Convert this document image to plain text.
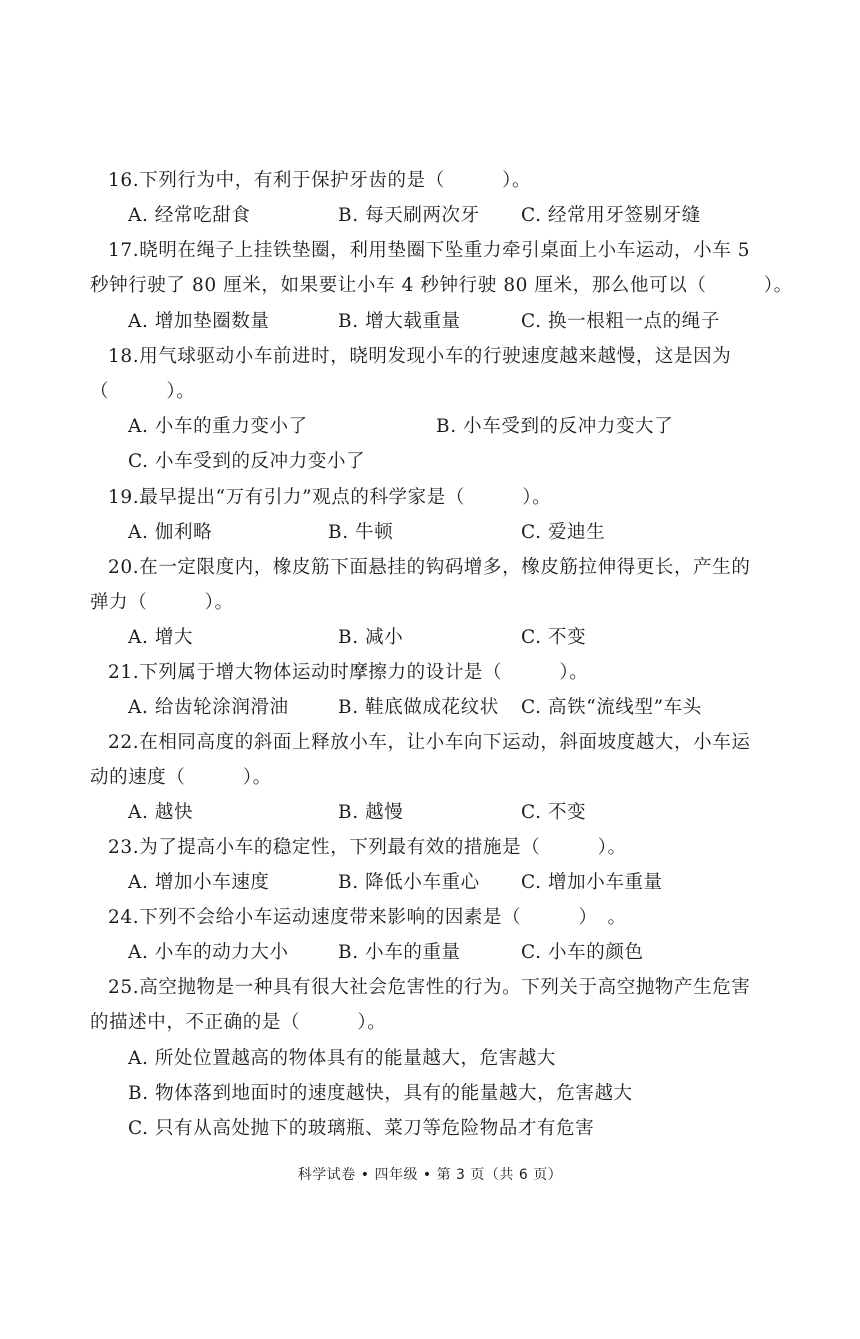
16.下列行为中，有利于保护牙齿的是（　　　）。

A. 经常吃甜食	B. 每天刷两次牙 C. 经常用牙签剔牙缝

17.晓明在绳子上挂铁垫圈，利用垫圈下坠重力牵引桌面上小车运动，小车 5

秒钟行驶了 80 厘米，如果要让小车 4 秒钟行驶 80 厘米，那么他可以（　　　）。

A. 增加垫圈数量	B. 增大载重量	C. 换一根粗一点的绳子

18.用气球驱动小车前进时，晓明发现小车的行驶速度越来越慢，这是因为

（　　　）。

A. 小车的重力变小了	B. 小车受到的反冲力变大了
C. 小车受到的反冲力变小了

19.最早提出“万有引力”观点的科学家是（　　　）。

A. 伽利略	B. 牛顿	C. 爱迪生

20.在一定限度内，橡皮筋下面悬挂的钩码增多，橡皮筋拉伸得更长，产生的

弹力（　　　）。

A. 增大	B. 减小	C. 不变

21.下列属于增大物体运动时摩擦力的设计是（　　　）。

A. 给齿轮涂润滑油	B. 鞋底做成花纹状 C. 高铁“流线型”车头

22.在相同高度的斜面上释放小车，让小车向下运动，斜面坡度越大，小车运

动的速度（　　　）。

A. 越快	B. 越慢	C. 不变

23.为了提高小车的稳定性，下列最有效的措施是（　　　）。

A. 增加小车速度	B. 降低小车重心 C. 增加小车重量

24.下列不会给小车运动速度带来影响的因素是（　　　）　。

A. 小车的动力大小	B. 小车的重量	C. 小车的颜色

25.高空抛物是一种具有很大社会危害性的行为。下列关于高空抛物产生危害

的描述中，不正确的是（　　　）。

A. 所处位置越高的物体具有的能量越大，危害越大
B. 物体落到地面时的速度越快，具有的能量越大，危害越大
C. 只有从高处抛下的玻璃瓶、菜刀等危险物品才有危害
科学试卷 • 四年级 • 第 3 页（共 6 页）
